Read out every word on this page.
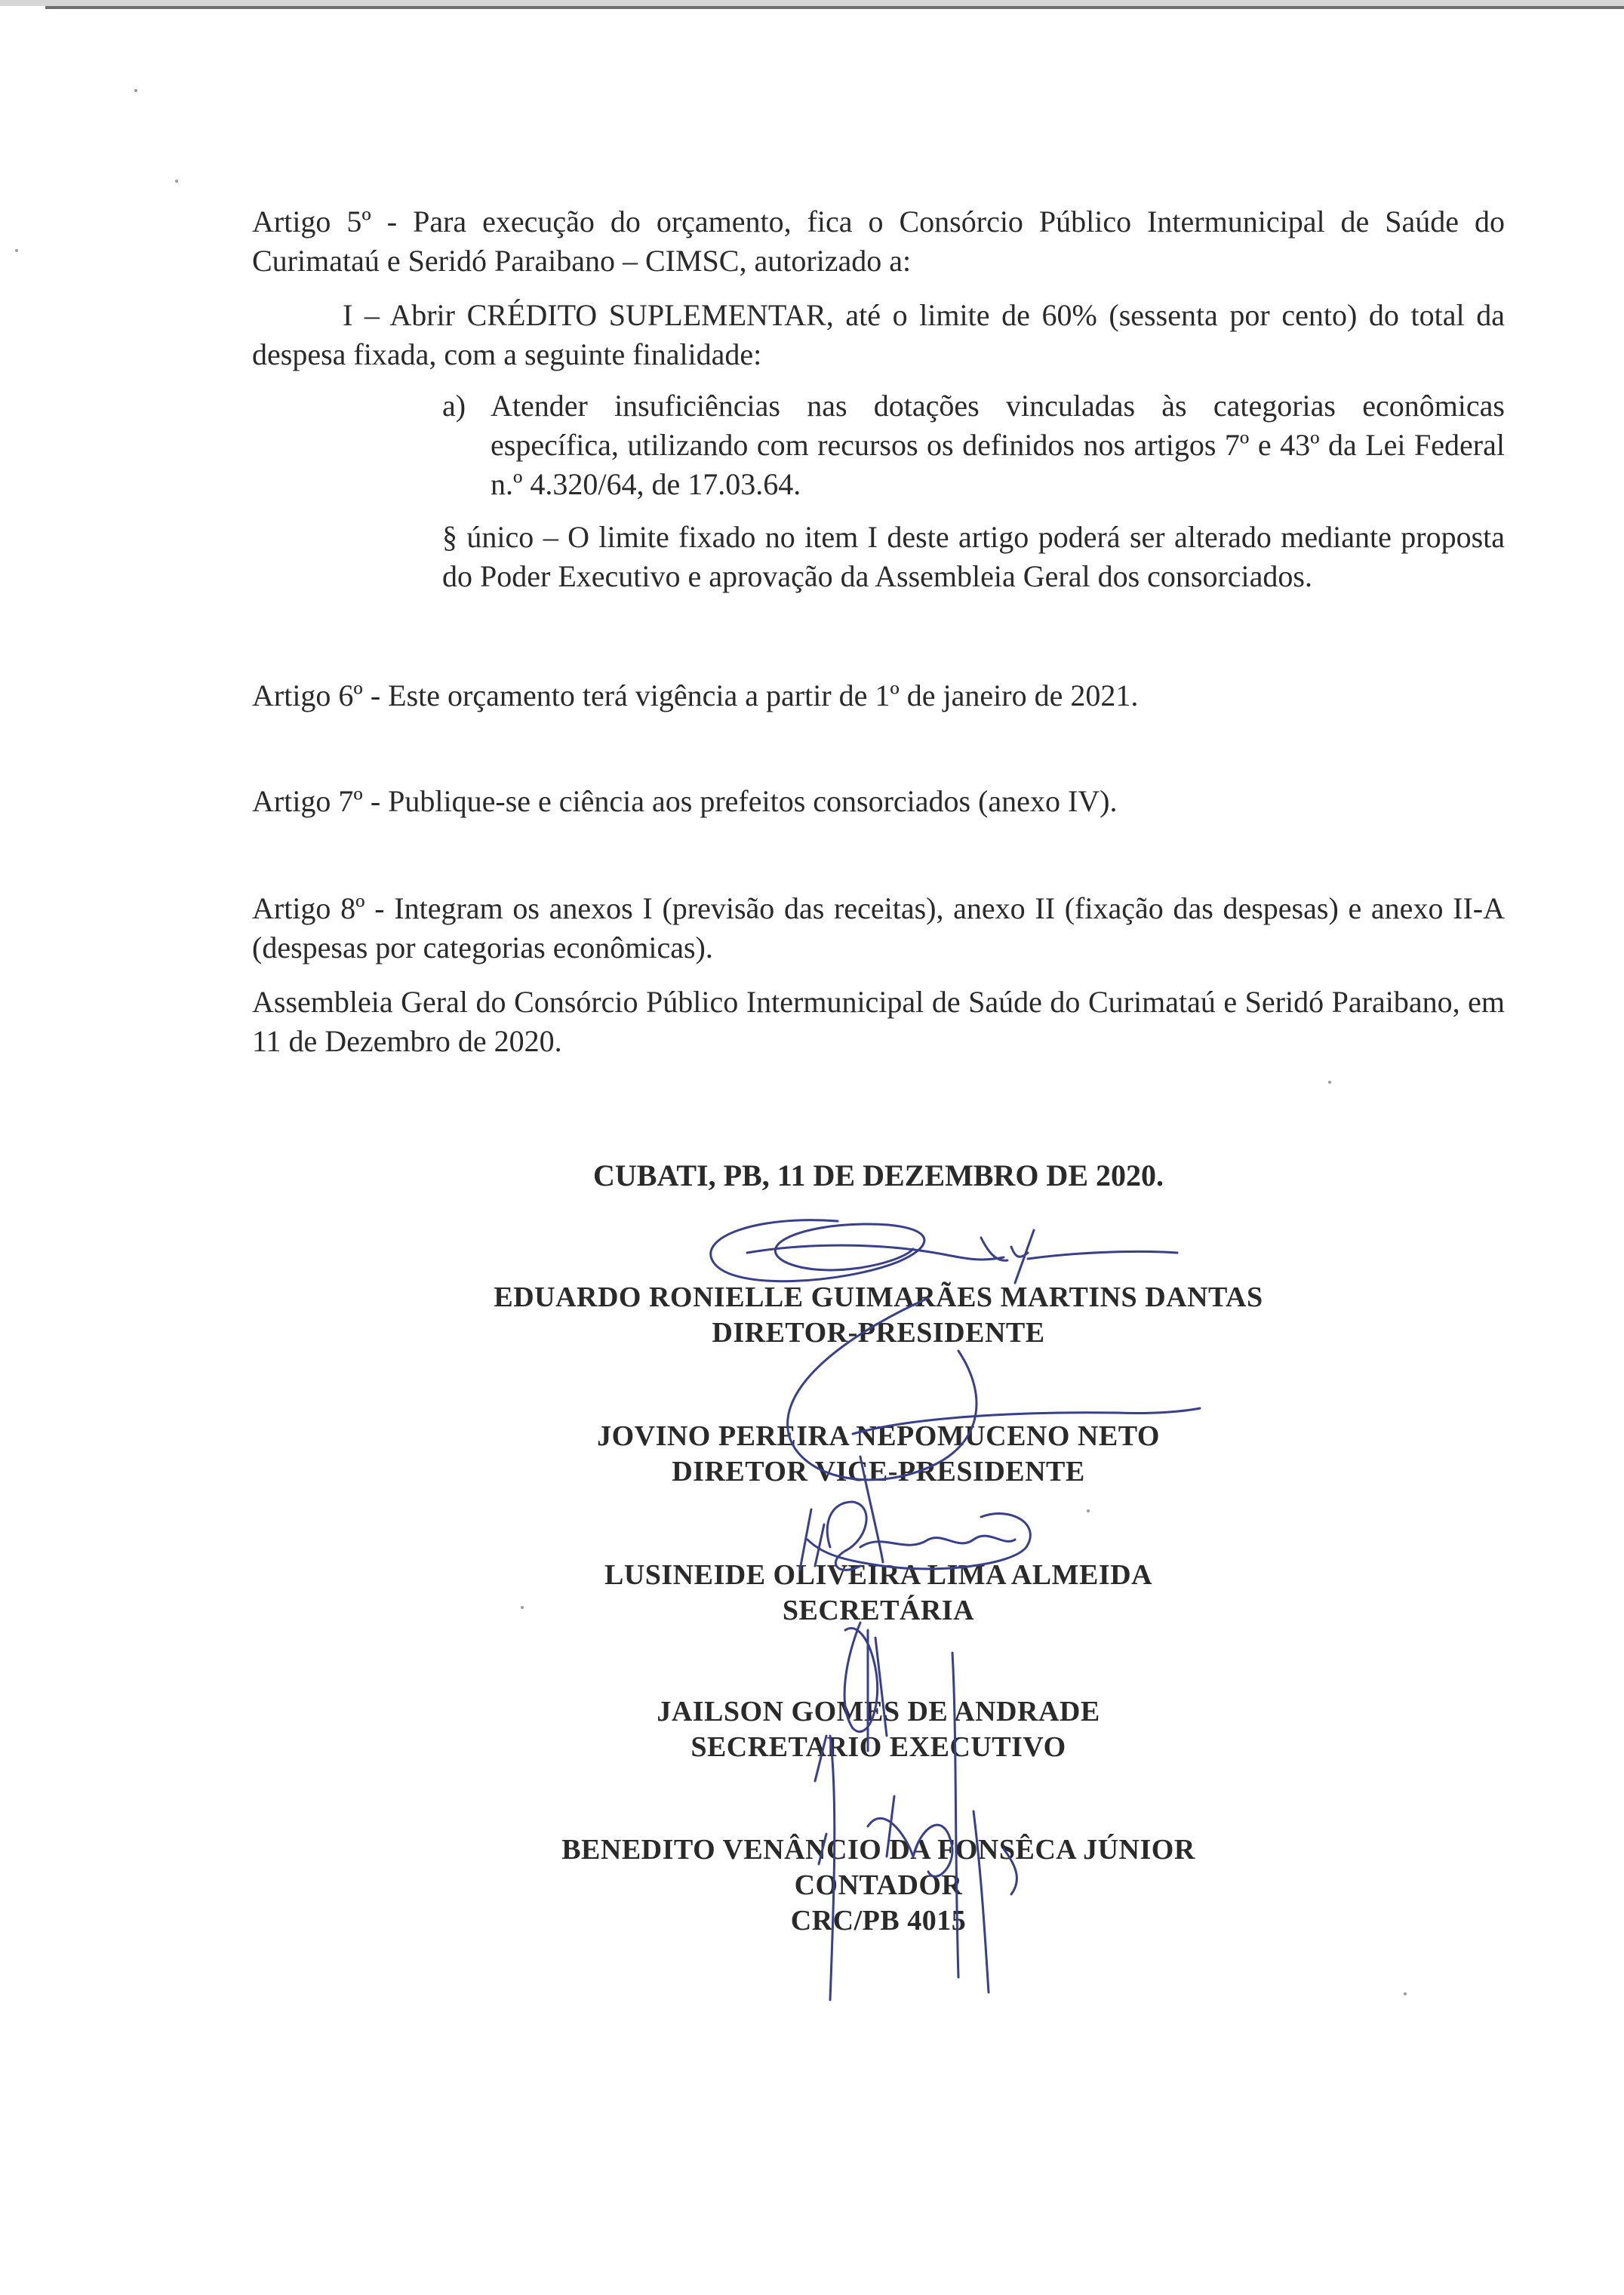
Artigo 5º - Para execução do orçamento, fica o Consórcio Público Intermunicipal de Saúde do Curimataú e Seridó Paraibano – CIMSC, autorizado a:

I – Abrir CRÉDITO SUPLEMENTAR, até o limite de 60% (sessenta por cento) do total da despesa fixada, com a seguinte finalidade:

a) Atender insuficiências nas dotações vinculadas às categorias econômicas específica, utilizando com recursos os definidos nos artigos 7º e 43º da Lei Federal n.º 4.320/64, de 17.03.64.

§ único – O limite fixado no item I deste artigo poderá ser alterado mediante proposta do Poder Executivo e aprovação da Assembleia Geral dos consorciados.

Artigo 6º - Este orçamento terá vigência a partir de 1º de janeiro de 2021.

Artigo 7º - Publique-se e ciência aos prefeitos consorciados (anexo IV).

Artigo 8º - Integram os anexos I (previsão das receitas), anexo II (fixação das despesas) e anexo II-A (despesas por categorias econômicas).

Assembleia Geral do Consórcio Público Intermunicipal de Saúde do Curimataú e Seridó Paraibano, em 11 de Dezembro de 2020.

CUBATI, PB, 11 DE DEZEMBRO DE 2020.
EDUARDO RONIELLE GUIMARÃES MARTINS DANTAS
DIRETOR-PRESIDENTE
JOVINO PEREIRA NEPOMUCENO NETO
DIRETOR VICE-PRESIDENTE
LUSINEIDE OLIVEIRA LIMA ALMEIDA
SECRETÁRIA
JAILSON GOMES DE ANDRADE
SECRETARIO EXECUTIVO
BENEDITO VENÂNCIO DA FONSÊCA JÚNIOR
CONTADOR
CRC/PB 4015
